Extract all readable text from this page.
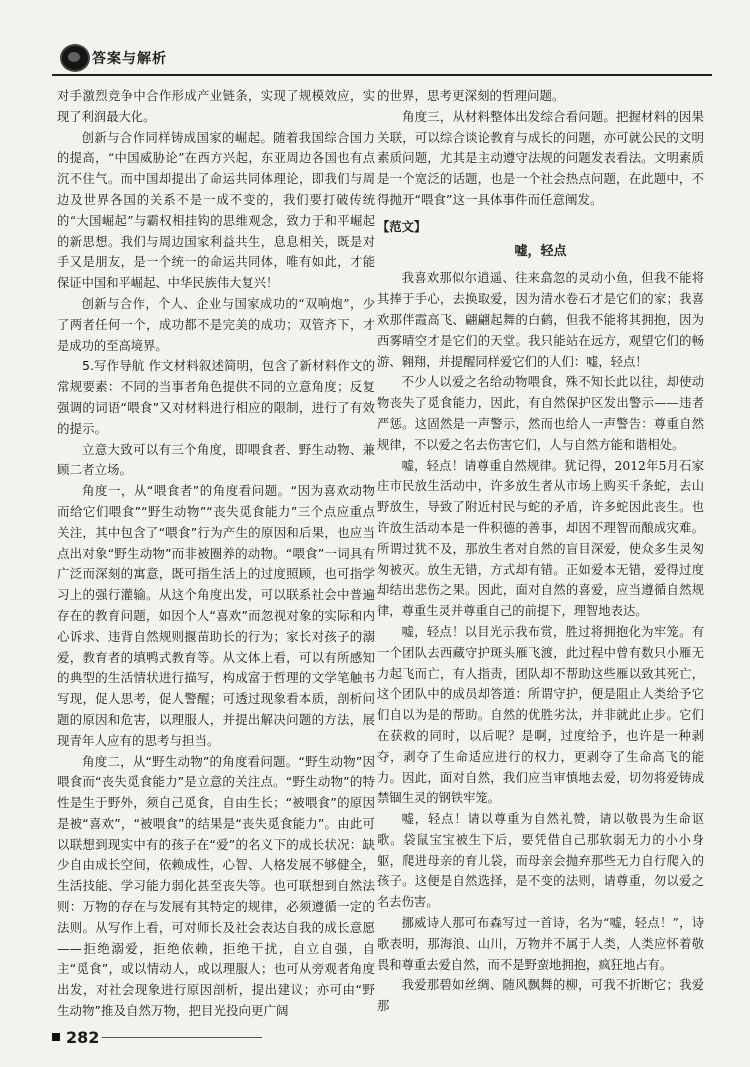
答案与解析

对手激烈竞争中合作形成产业链条，实现了规模效应，实现了利润最大化。

创新与合作同样铸成国家的崛起。随着我国综合国力的提高，“中国威胁论”在西方兴起，东亚周边各国也有点沉不住气。而中国却提出了命运共同体理论，即我们与周边及世界各国的关系不是一成不变的，我们要打破传统的“大国崛起”与霸权相挂钩的思维观念，致力于和平崛起的新思想。我们与周边国家利益共生，息息相关，既是对手又是朋友，是一个统一的命运共同体，唯有如此，才能保证中国和平崛起、中华民族伟大复兴！

创新与合作，个人、企业与国家成功的“双响炮”，少了两者任何一个，成功都不是完美的成功；双管齐下，才是成功的至高境界。

5.写作导航 作文材料叙述简明，包含了新材料作文的常规要素：不同的当事者角色提供不同的立意角度；反复强调的词语“喂食”又对材料进行相应的限制，进行了有效的提示。

立意大致可以有三个角度，即喂食者、野生动物、兼顾二者立场。

角度一，从“喂食者”的角度看问题。“因为喜欢动物而给它们喂食”“野生动物”“丧失觅食能力”三个点应重点关注，其中包含了“喂食”行为产生的原因和后果，也应当点出对象“野生动物”而非被圈养的动物。“喂食”一词具有广泛而深刻的寓意，既可指生活上的过度照顾，也可指学习上的强行灌输。从这个角度出发，可以联系社会中普遍存在的教育问题，如因个人“喜欢”而忽视对象的实际和内心诉求、违背自然规则揠苗助长的行为；家长对孩子的溺爱，教育者的填鸭式教育等。从文体上看，可以有所感知的典型的生活情状进行描写，构成富于哲理的文学笔触书写现，促人思考，促人警醒；可透过现象看本质，剖析问题的原因和危害，以理服人，并提出解决问题的方法，展现青年人应有的思考与担当。

角度二，从“野生动物”的角度看问题。“野生动物”因喂食而“丧失觅食能力”是立意的关注点。“野生动物”的特性是生于野外，须自己觅食，自由生长；“被喂食”的原因是被“喜欢”，“被喂食”的结果是“丧失觅食能力”。由此可以联想到现实中有的孩子在“爱”的名义下的成长状况：缺少自由成长空间，依赖成性，心智、人格发展不够健全，生活技能、学习能力弱化甚至丧失等。也可联想到自然法则：万物的存在与发展有其特定的规律，必须遵循一定的法则。从写作上看，可对师长及社会表达自我的成长意愿——拒绝溺爱，拒绝依赖，拒绝干扰，自立自强，自主“觅食”，或以情动人，或以理服人；也可从旁观者角度出发，对社会现象进行原因剖析，提出建议；亦可由“野生动物”推及自然万物，把目光投向更广阔

的世界，思考更深刻的哲理问题。

角度三，从材料整体出发综合看问题。把握材料的因果关联，可以综合谈论教育与成长的问题，亦可就公民的文明素质问题，尤其是主动遵守法规的问题发表看法。文明素质是一个宽泛的话题，也是一个社会热点问题，在此题中，不得抛开“喂食”这一具体事件而任意阐发。

【范文】

嘘，轻点

我喜欢那似尔逍遥、往来翕忽的灵动小鱼，但我不能将其捧于手心，去换取爱，因为清水卷石才是它们的家；我喜欢那伴霞高飞、翩翩起舞的白鹤，但我不能将其拥抱，因为西雾晴空才是它们的天堂。我只能站在远方，观望它们的畅游、翱翔，并提醒同样爱它们的人们：嘘，轻点！

不少人以爱之名给动物喂食，殊不知长此以往，却使动物丧失了觅食能力，因此，有自然保护区发出警示——违者严惩。这固然是一声警示，然而也给人一声警告：尊重自然规律，不以爱之名去伤害它们，人与自然方能和谐相处。

嘘，轻点！请尊重自然规律。犹记得，2012年5月石家庄市民放生活动中，许多放生者从市场上购买千条蛇，去山野放生，导致了附近村民与蛇的矛盾，许多蛇因此丧生。也许放生活动本是一件积德的善事，却因不理智而酿成灾难。所谓过犹不及，那放生者对自然的盲目深爱，使众多生灵匆匆被灭。放生无错，方式却有错。正如爱本无错，爱得过度却结出悲伤之果。因此，面对自然的喜爱，应当遵循自然规律，尊重生灵并尊重自己的前提下，理智地表达。

嘘，轻点！以目光示我布赏，胜过将拥抱化为牢笼。有一个团队去西藏守护斑头雁飞渡，此过程中曾有数只小雁无力起飞而亡，有人指责，团队却不帮助这些雁以致其死亡，这个团队中的成员却答道：所谓守护，便是阻止人类给予它们自以为是的帮助。自然的优胜劣汰，并非就此止步。它们在获救的同时，以后呢？是啊，过度给予，也许是一种剥夺，剥夺了生命适应进行的权力，更剥夺了生命高飞的能力。因此，面对自然，我们应当审慎地去爱，切勿将爱铸成禁锢生灵的钢铁牢笼。

嘘，轻点！请以尊重为自然礼赞，请以敬畏为生命讴歌。袋鼠宝宝被生下后，要凭借自己那软弱无力的小小身躯，爬进母亲的育儿袋，而母亲会抛弃那些无力自行爬入的孩子。这便是自然选择，是不变的法则，请尊重，勿以爱之名去伤害。

挪威诗人那可布森写过一首诗，名为“嘘，轻点！”，诗歌表明，那海浪、山川，万物并不属于人类，人类应怀着敬畏和尊重去爱自然，而不是野蛮地拥抱，疯狂地占有。

我爱那碧如丝绸、随风飘舞的柳，可我不折断它；我爱那

282
